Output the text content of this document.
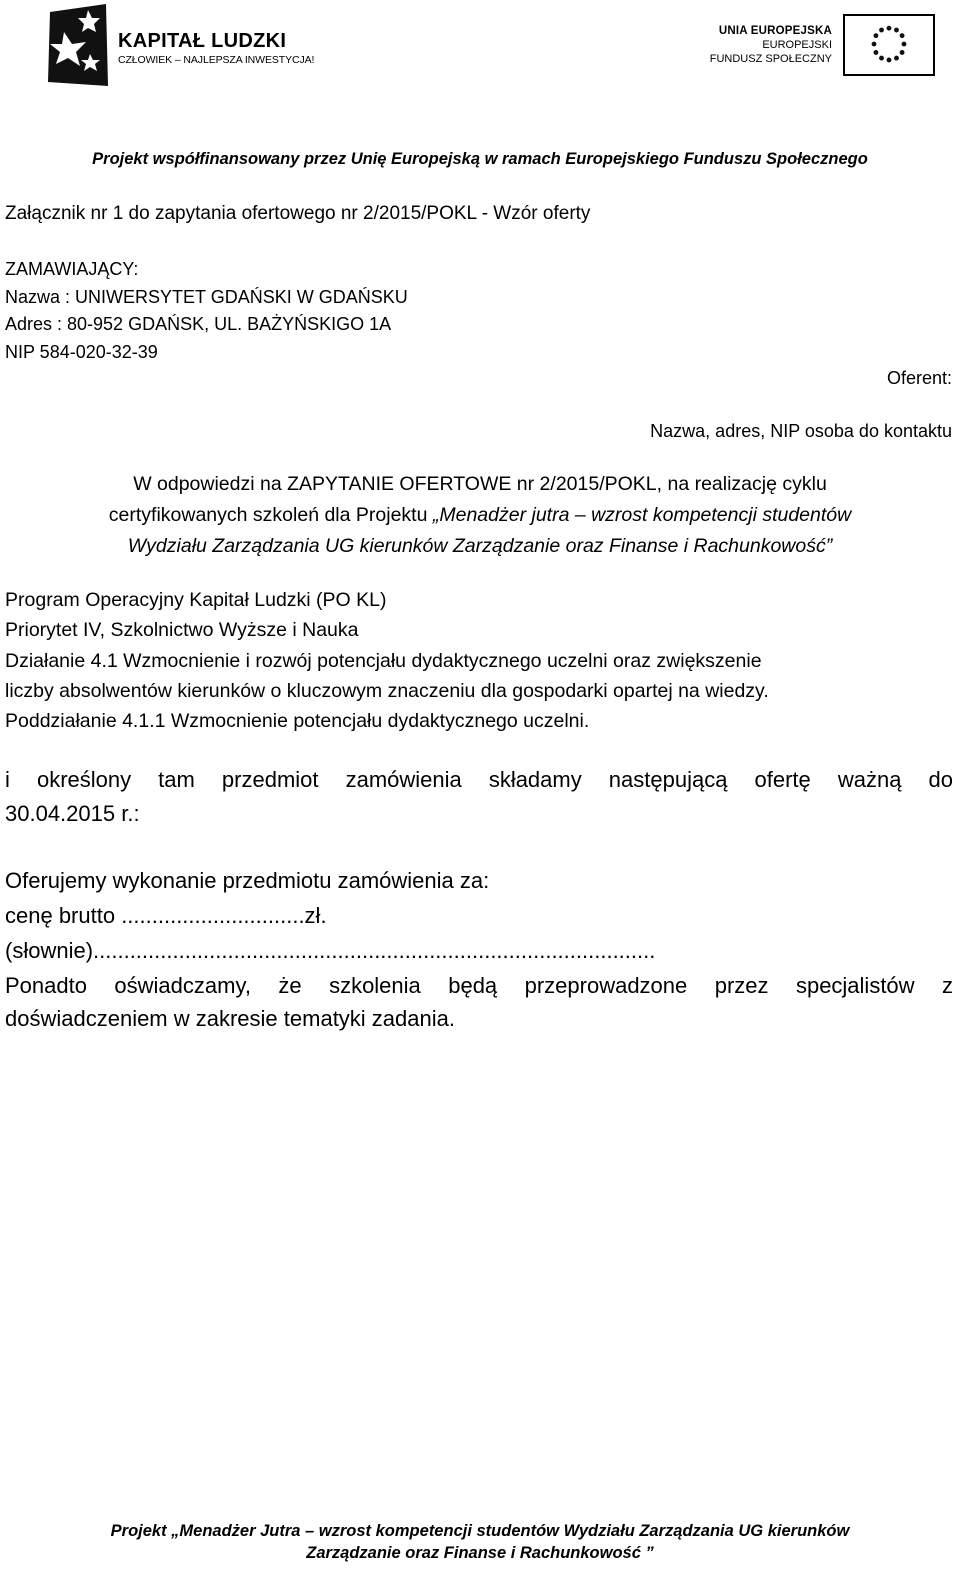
KAPITAŁ LUDZKI
CZŁOWIEK – NAJLEPSZA INWESTYCJA!
UNIA EUROPEJSKA
EUROPEJSKI
FUNDUSZ SPOŁECZNY
Projekt współfinansowany przez Unię Europejską w ramach Europejskiego Funduszu Społecznego
Załącznik nr 1 do zapytania ofertowego nr 2/2015/POKL - Wzór oferty
ZAMAWIAJĄCY:
Nazwa : UNIWERSYTET GDAŃSKI W GDAŃSKU
Adres : 80-952 GDAŃSK, UL. BAŻYŃSKIGO 1A
NIP 584-020-32-39
Oferent:
Nazwa, adres, NIP osoba do kontaktu
W odpowiedzi na ZAPYTANIE OFERTOWE nr 2/2015/POKL, na realizację cyklu
certyfikowanych szkoleń dla Projektu „Menadżer jutra – wzrost kompetencji studentów
Wydziału Zarządzania UG kierunków Zarządzanie oraz Finanse i Rachunkowość”
Program Operacyjny Kapitał Ludzki (PO KL)
Priorytet IV, Szkolnictwo Wyższe i Nauka
Działanie 4.1 Wzmocnienie i rozwój potencjału dydaktycznego uczelni oraz zwiększenie
liczby absolwentów kierunków o kluczowym znaczeniu dla gospodarki opartej na wiedzy.
Poddziałanie 4.1.1 Wzmocnienie potencjału dydaktycznego uczelni.
i określony tam przedmiot zamówienia składamy następującą ofertę ważną do
30.04.2015 r.:
Oferujemy wykonanie przedmiotu zamówienia za:
cenę brutto ..............................zł.
(słownie)............................................................................................
Ponadto oświadczamy, że szkolenia będą przeprowadzone przez specjalistów z
doświadczeniem w zakresie tematyki zadania.
Projekt „Menadżer Jutra – wzrost kompetencji studentów Wydziału Zarządzania UG kierunków
Zarządzanie oraz Finanse i Rachunkowość ”
